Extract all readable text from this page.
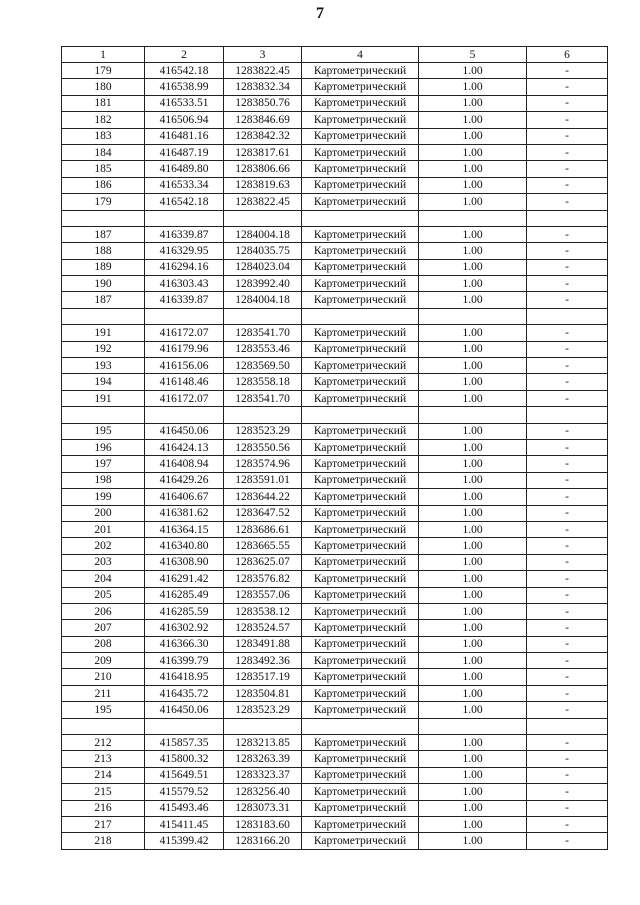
7
1	2	3	4	5	6
179	416542.18	1283822.45	Картометрический	1.00	-
180	416538.99	1283832.34	Картометрический	1.00	-
181	416533.51	1283850.76	Картометрический	1.00	-
182	416506.94	1283846.69	Картометрический	1.00	-
183	416481.16	1283842.32	Картометрический	1.00	-
184	416487.19	1283817.61	Картометрический	1.00	-
185	416489.80	1283806.66	Картометрический	1.00	-
186	416533.34	1283819.63	Картометрический	1.00	-
179	416542.18	1283822.45	Картометрический	1.00	-

187	416339.87	1284004.18	Картометрический	1.00	-
188	416329.95	1284035.75	Картометрический	1.00	-
189	416294.16	1284023.04	Картометрический	1.00	-
190	416303.43	1283992.40	Картометрический	1.00	-
187	416339.87	1284004.18	Картометрический	1.00	-

191	416172.07	1283541.70	Картометрический	1.00	-
192	416179.96	1283553.46	Картометрический	1.00	-
193	416156.06	1283569.50	Картометрический	1.00	-
194	416148.46	1283558.18	Картометрический	1.00	-
191	416172.07	1283541.70	Картометрический	1.00	-

195	416450.06	1283523.29	Картометрический	1.00	-
196	416424.13	1283550.56	Картометрический	1.00	-
197	416408.94	1283574.96	Картометрический	1.00	-
198	416429.26	1283591.01	Картометрический	1.00	-
199	416406.67	1283644.22	Картометрический	1.00	-
200	416381.62	1283647.52	Картометрический	1.00	-
201	416364.15	1283686.61	Картометрический	1.00	-
202	416340.80	1283665.55	Картометрический	1.00	-
203	416308.90	1283625.07	Картометрический	1.00	-
204	416291.42	1283576.82	Картометрический	1.00	-
205	416285.49	1283557.06	Картометрический	1.00	-
206	416285.59	1283538.12	Картометрический	1.00	-
207	416302.92	1283524.57	Картометрический	1.00	-
208	416366.30	1283491.88	Картометрический	1.00	-
209	416399.79	1283492.36	Картометрический	1.00	-
210	416418.95	1283517.19	Картометрический	1.00	-
211	416435.72	1283504.81	Картометрический	1.00	-
195	416450.06	1283523.29	Картометрический	1.00	-

212	415857.35	1283213.85	Картометрический	1.00	-
213	415800.32	1283263.39	Картометрический	1.00	-
214	415649.51	1283323.37	Картометрический	1.00	-
215	415579.52	1283256.40	Картометрический	1.00	-
216	415493.46	1283073.31	Картометрический	1.00	-
217	415411.45	1283183.60	Картометрический	1.00	-
218	415399.42	1283166.20	Картометрический	1.00	-
